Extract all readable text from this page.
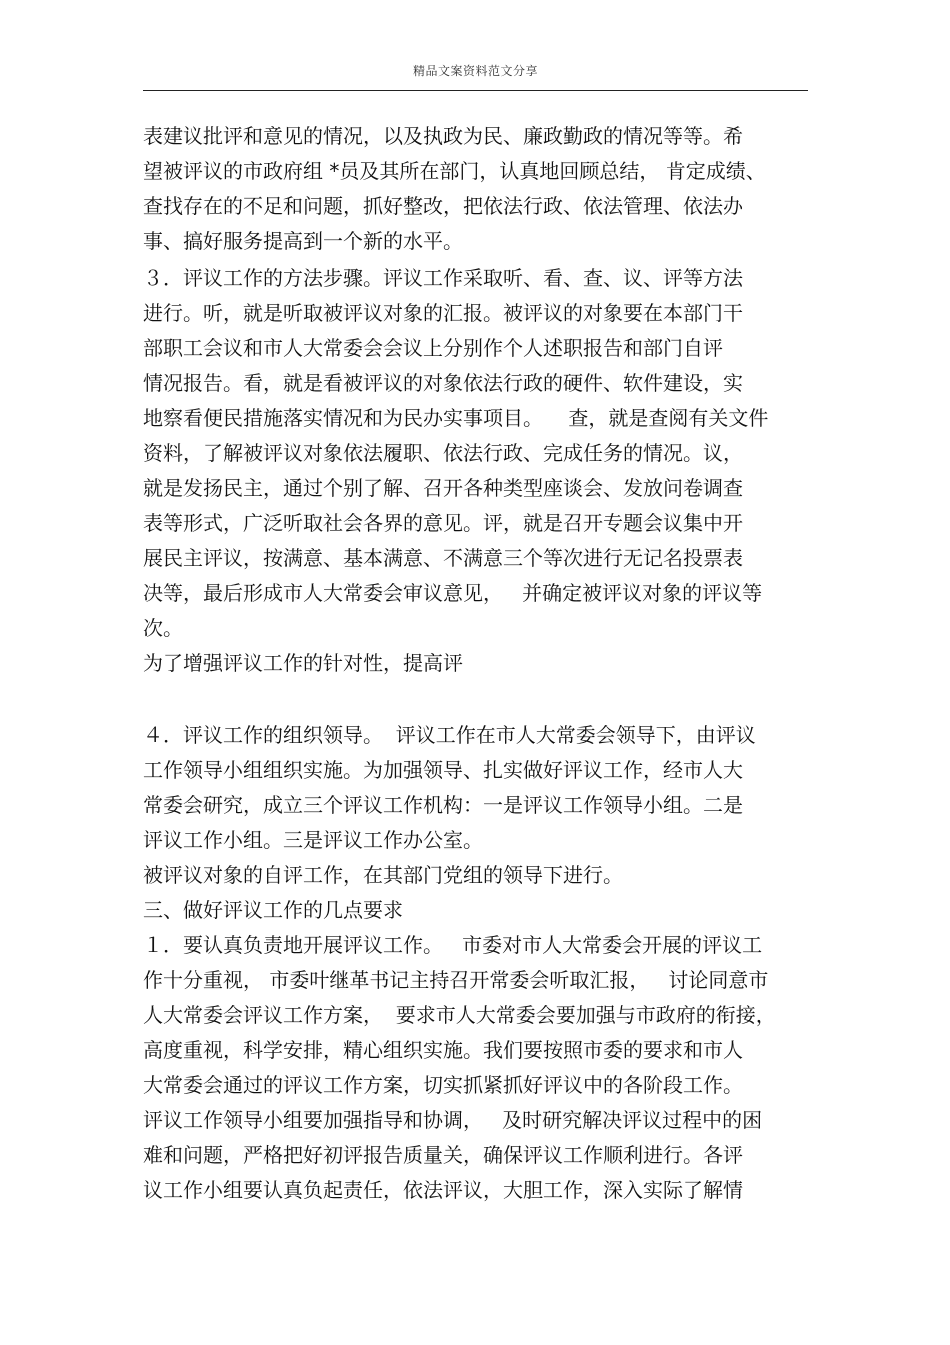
精品文案资料范文分享
表建议批评和意见的情况，以及执政为民、廉政勤政的情况等等。希
望被评议的市政府组 *员及其所在部门，认真地回顾总结， 肯定成绩、
查找存在的不足和问题，抓好整改，把依法行政、依法管理、依法办
事、搞好服务提高到一个新的水平。
３．评议工作的方法步骤。评议工作采取听、看、查、议、评等方法
进行。听，就是听取被评议对象的汇报。被评议的对象要在本部门干
部职工会议和市人大常委会会议上分别作个人述职报告和部门自评
情况报告。看，就是看被评议的对象依法行政的硬件、软件建设，实
地察看便民措施落实情况和为民办实事项目。    查，就是查阅有关文件
资料，了解被评议对象依法履职、依法行政、完成任务的情况。议，
就是发扬民主，通过个别了解、召开各种类型座谈会、发放问卷调查
表等形式，广泛听取社会各界的意见。评，就是召开专题会议集中开
展民主评议，按满意、基本满意、不满意三个等次进行无记名投票表
决等，最后形成市人大常委会审议意见，   并确定被评议对象的评议等
次。
为了增强评议工作的针对性，提高评
４．评议工作的组织领导。  评议工作在市人大常委会领导下，由评议
工作领导小组组织实施。为加强领导、扎实做好评议工作，经市人大
常委会研究，成立三个评议工作机构：一是评议工作领导小组。二是
评议工作小组。三是评议工作办公室。
被评议对象的自评工作，在其部门党组的领导下进行。
三、做好评议工作的几点要求
１．要认真负责地开展评议工作。   市委对市人大常委会开展的评议工
作十分重视， 市委叶继革书记主持召开常委会听取汇报，   讨论同意市
人大常委会评议工作方案，  要求市人大常委会要加强与市政府的衔接，
高度重视，科学安排，精心组织实施。我们要按照市委的要求和市人
大常委会通过的评议工作方案，切实抓紧抓好评议中的各阶段工作。
评议工作领导小组要加强指导和协调，   及时研究解决评议过程中的困
难和问题，严格把好初评报告质量关，确保评议工作顺利进行。各评
议工作小组要认真负起责任，依法评议，大胆工作，深入实际了解情
